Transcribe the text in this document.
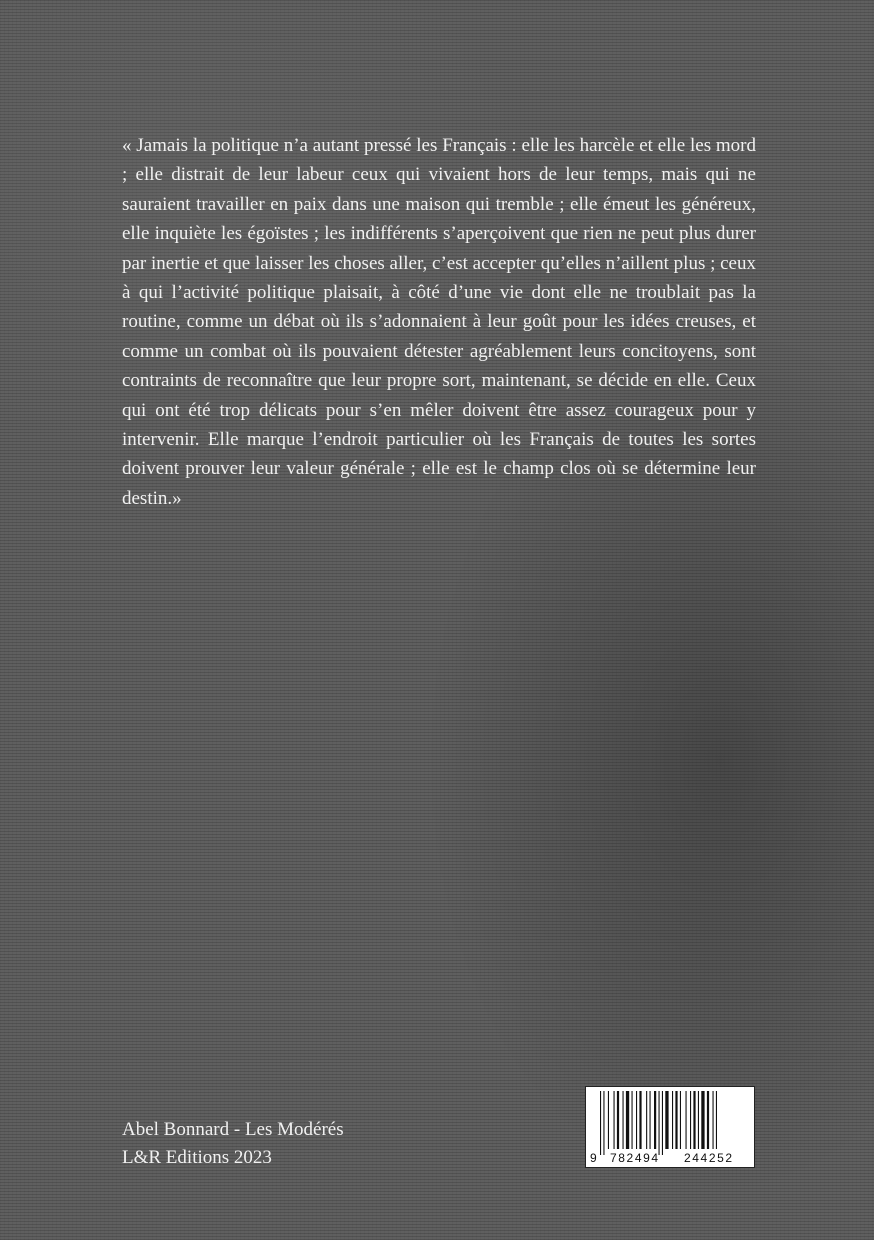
« Jamais la politique n’a autant pressé les Français : elle les harcèle et elle les mord ; elle distrait de leur labeur ceux qui vivaient hors de leur temps, mais qui ne sauraient travailler en paix dans une maison qui tremble ; elle émeut les généreux, elle inquiète les égoïstes ; les indifférents s’aperçoivent que rien ne peut plus durer par inertie et que laisser les choses aller, c’est accepter qu’elles n’aillent plus ; ceux à qui l’activité politique plaisait, à côté d’une vie dont elle ne troublait pas la routine, comme un débat où ils s’adonnaient à leur goût pour les idées creuses, et comme un combat où ils pouvaient détester agréablement leurs concitoyens, sont contraints de reconnaître que leur propre sort, maintenant, se décide en elle. Ceux qui ont été trop délicats pour s’en mêler doivent être assez courageux pour y intervenir. Elle marque l’endroit particulier où les Français de toutes les sortes doivent prouver leur valeur générale ; elle est le champ clos où se détermine leur destin.»

Abel Bonnard - Les Modérés
L&R Editions 2023	9 782494 244252
